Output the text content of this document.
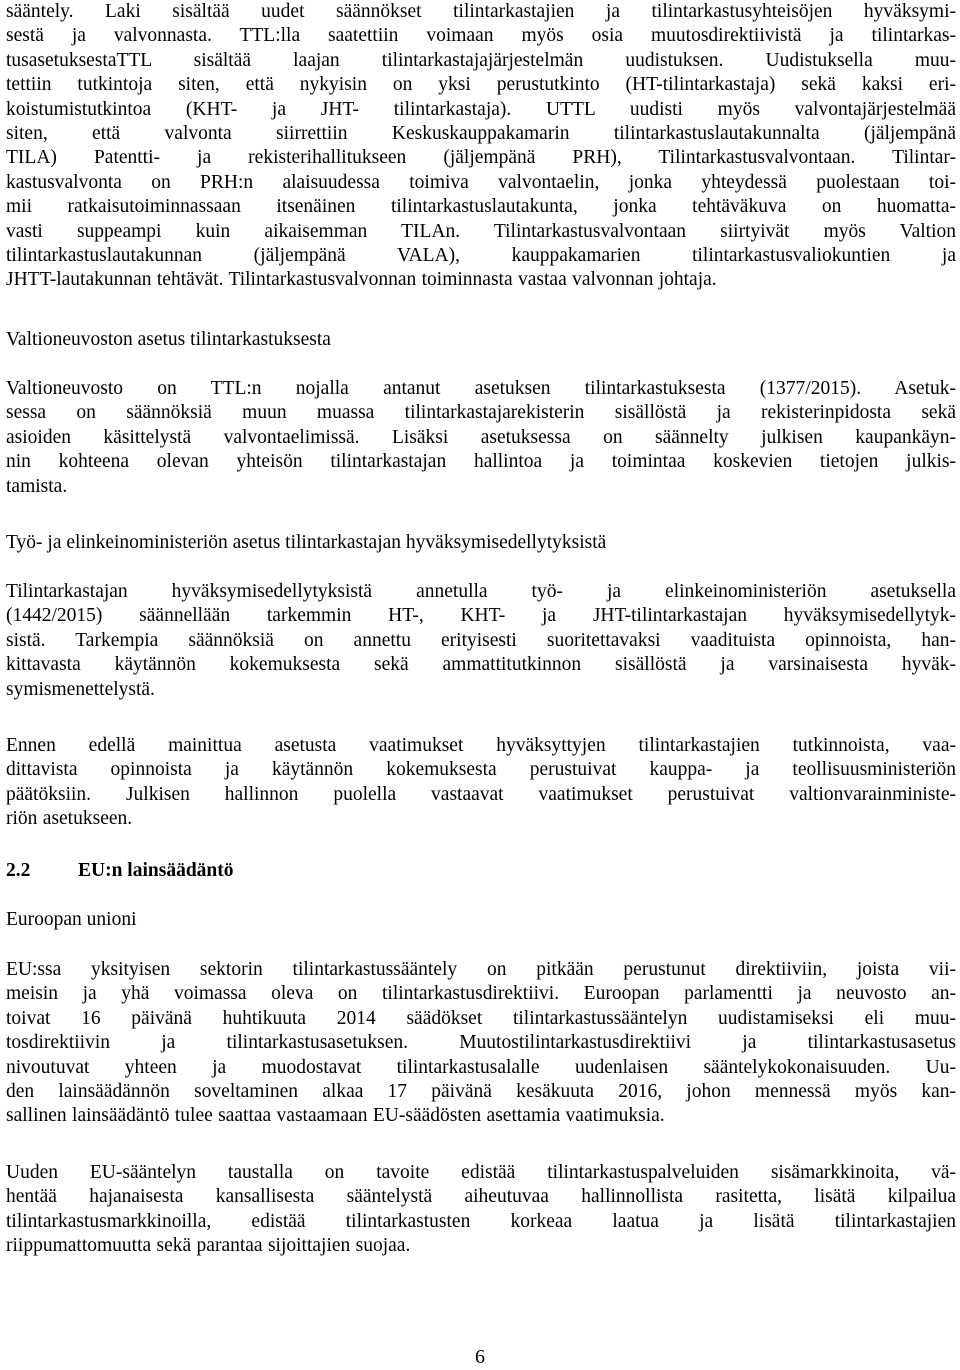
sääntely. Laki sisältää uudet säännökset tilintarkastajien ja tilintarkastusyhteisöjen hyväksymi-
sestä ja valvonnasta. TTL:lla saatettiin voimaan myös osia muutosdirektiivistä ja tilintarkas-
tusasetuksestaTTL sisältää laajan tilintarkastajajärjestelmän uudistuksen. Uudistuksella muu-
tettiin tutkintoja siten, että nykyisin on yksi perustutkinto (HT-tilintarkastaja) sekä kaksi eri-
koistumistutkintoa (KHT- ja JHT- tilintarkastaja). UTTL uudisti myös valvontajärjestelmää
siten, että valvonta siirrettiin Keskuskauppakamarin tilintarkastuslautakunnalta (jäljempänä
TILA) Patentti- ja rekisterihallitukseen (jäljempänä PRH), Tilintarkastusvalvontaan. Tilintar-
kastusvalvonta on PRH:n alaisuudessa toimiva valvontaelin, jonka yhteydessä puolestaan toi-
mii ratkaisutoiminnassaan itsenäinen tilintarkastuslautakunta, jonka tehtäväkuva on huomatta-
vasti suppeampi kuin aikaisemman TILAn. Tilintarkastusvalvontaan siirtyivät myös Valtion
tilintarkastuslautakunnan (jäljempänä VALA), kauppakamarien tilintarkastusvaliokuntien ja
JHTT-lautakunnan tehtävät. Tilintarkastusvalvonnan toiminnasta vastaa valvonnan johtaja.
Valtioneuvoston asetus tilintarkastuksesta
Valtioneuvosto on TTL:n nojalla antanut asetuksen tilintarkastuksesta (1377/2015). Asetuk-
sessa on säännöksiä muun muassa tilintarkastajarekisterin sisällöstä ja rekisterinpidosta sekä
asioiden käsittelystä valvontaelimissä. Lisäksi asetuksessa on säännelty julkisen kaupankäyn-
nin kohteena olevan yhteisön tilintarkastajan hallintoa ja toimintaa koskevien tietojen julkis-
tamista.
Työ- ja elinkeinoministeriön asetus tilintarkastajan hyväksymisedellytyksistä
Tilintarkastajan hyväksymisedellytyksistä annetulla työ- ja elinkeinoministeriön asetuksella
(1442/2015) säännellään tarkemmin HT-, KHT- ja JHT-tilintarkastajan hyväksymisedellytyk-
sistä. Tarkempia säännöksiä on annettu erityisesti suoritettavaksi vaadituista opinnoista, han-
kittavasta käytännön kokemuksesta sekä ammattitutkinnon sisällöstä ja varsinaisesta hyväk-
symismenettelystä.
Ennen edellä mainittua asetusta vaatimukset hyväksyttyjen tilintarkastajien tutkinnoista, vaa-
dittavista opinnoista ja käytännön kokemuksesta perustuivat kauppa- ja teollisuusministeriön
päätöksiin. Julkisen hallinnon puolella vastaavat vaatimukset perustuivat valtionvarainministe-
riön asetukseen.
2.2 EU:n lainsäädäntö
Euroopan unioni
EU:ssa yksityisen sektorin tilintarkastussääntely on pitkään perustunut direktiiviin, joista vii-
meisin ja yhä voimassa oleva on tilintarkastusdirektiivi. Euroopan parlamentti ja neuvosto an-
toivat 16 päivänä huhtikuuta 2014 säädökset tilintarkastussääntelyn uudistamiseksi eli muu-
tosdirektiivin ja tilintarkastusasetuksen. Muutostilintarkastusdirektiivi ja tilintarkastusasetus
nivoutuvat yhteen ja muodostavat tilintarkastusalalle uudenlaisen sääntelykokonaisuuden. Uu-
den lainsäädännön soveltaminen alkaa 17 päivänä kesäkuuta 2016, johon mennessä myös kan-
sallinen lainsäädäntö tulee saattaa vastaamaan EU-säädösten asettamia vaatimuksia.
Uuden EU-sääntelyn taustalla on tavoite edistää tilintarkastuspalveluiden sisämarkkinoita, vä-
hentää hajanaisesta kansallisesta sääntelystä aiheutuvaa hallinnollista rasitetta, lisätä kilpailua
tilintarkastusmarkkinoilla, edistää tilintarkastusten korkeaa laatua ja lisätä tilintarkastajien
riippumattomuutta sekä parantaa sijoittajien suojaa.
6
